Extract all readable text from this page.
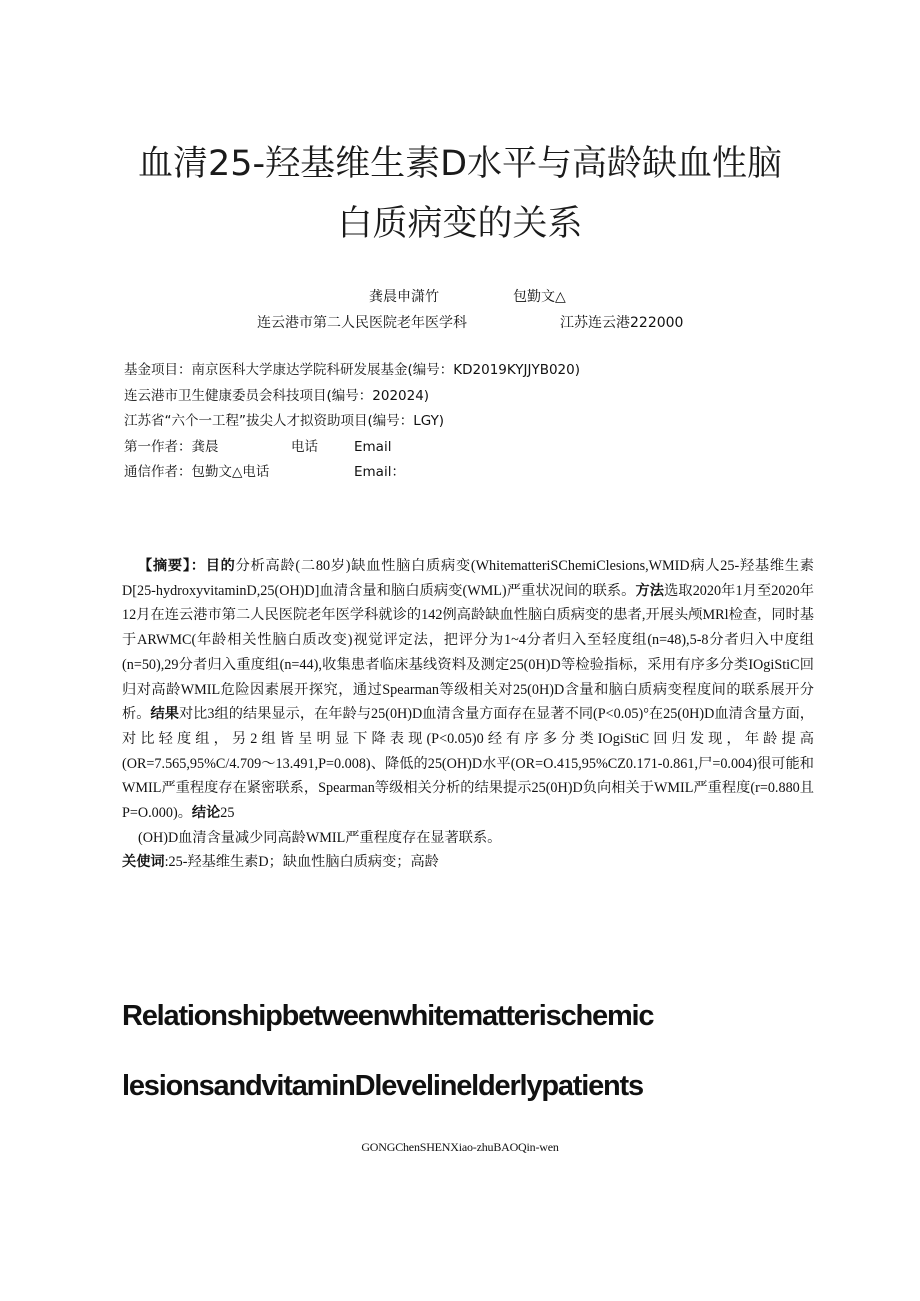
血清25-羟基维生素D水平与高龄缺血性脑
白质病变的关系
龚晨申潇竹	包勤文△
连云港市第二人民医院老年医学科	江苏连云港222000
基金项目：南京医科大学康达学院科研发展基金(编号：KD2019KYJJYB020)
连云港市卫生健康委员会科技项目(编号：202024)
江苏省“六个一工程”拔尖人才拟资助项目(编号：LGY)
第一作者：龚晨	电话	Email
通信作者：包勤文△电话	Email：

【摘要】：目的分析高龄(二80岁)缺血性脑白质病变(WhitematteriSChemiClesions,WMID病人25-羟基维生素D[25-hydroxyvitaminD,25(OH)D]血清含量和脑白质病变(WML)严重状况间的联系。方法选取2020年1月至2020年12月在连云港市第二人民医院老年医学科就诊的142例高龄缺血性脑白质病变的患者,开展头颅MRl检查，同时基于ARWMC(年龄相关性脑白质改变)视觉评定法，把评分为1~4分者归入至轻度组(n=48),5-8分者归入中度组(n=50),29分者归入重度组(n=44),收集患者临床基线资料及测定25(0H)D等检验指标，采用有序多分类IOgiStiC回归对高龄WMIL危险因素展开探究，通过Spearman等级相关对25(0H)D含量和脑白质病变程度间的联系展开分析。结果对比3组的结果显示，在年龄与25(0H)D血清含量方面存在显著不同(P<0.05)°在25(0H)D血清含量方面，对比轻度组，另2组皆呈明显下降表现(P<0.05)0经有序多分类IOgiStiC回归发现，年龄提高(OR=7.565,95%C/4.709～13.491,P=0.008)、降低的25(OH)D水平(OR=O.415,95%CZ0.171-0.861,尸=0.004)很可能和WMIL严重程度存在紧密联系，Spearman等级相关分析的结果提示25(0H)D负向相关于WMIL严重程度(r=0.880且P=O.000)。结论25

(OH)D血清含量减少同高龄WMIL严重程度存在显著联系。

关使词:25-羟基维生素D；缺血性脑白质病变；高龄

Relationshipbetweenwhitematterischemic
lesionsandvitaminDlevelinelderlypatients
GONGChenSHENXiao-zhuBAOQin-wen
